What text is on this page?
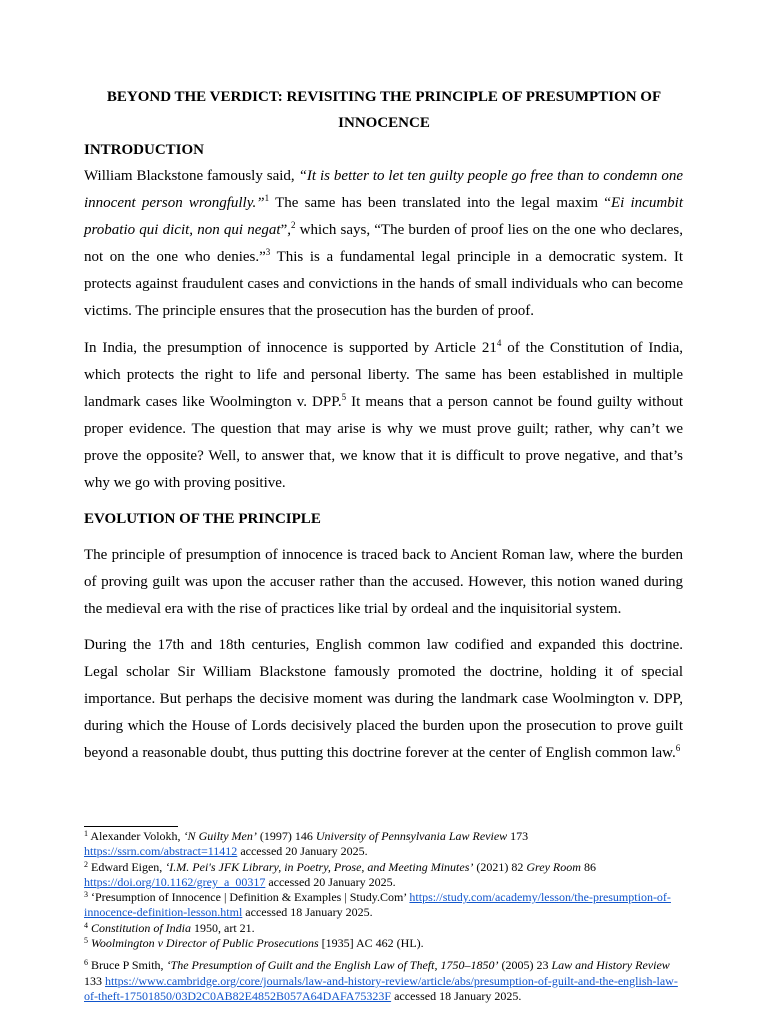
BEYOND THE VERDICT: REVISITING THE PRINCIPLE OF PRESUMPTION OF INNOCENCE
INTRODUCTION

William Blackstone famously said, “It is better to let ten guilty people go free than to condemn one innocent person wrongfully.”$^1$ The same has been translated into the legal maxim “Ei incumbit probatio qui dicit, non qui negat”,$^2$ which says, “The burden of proof lies on the one who declares, not on the one who denies.”$^3$ This is a fundamental legal principle in a democratic system. It protects against fraudulent cases and convictions in the hands of small individuals who can become victims. The principle ensures that the prosecution has the burden of proof.

In India, the presumption of innocence is supported by Article $21^4$ of the Constitution of India, which protects the right to life and personal liberty. The same has been established in multiple landmark cases like Woolmington v. DPP.$^5$ It means that a person cannot be found guilty without proper evidence. The question that may arise is why we must prove guilt; rather, why can’t we prove the opposite? Well, to answer that, we know that it is difficult to prove negative, and that’s why we go with proving positive.

EVOLUTION OF THE PRINCIPLE

The principle of presumption of innocence is traced back to Ancient Roman law, where the burden of proving guilt was upon the accuser rather than the accused. However, this notion waned during the medieval era with the rise of practices like trial by ordeal and the inquisitorial system.

During the 17th and 18th centuries, English common law codified and expanded this doctrine. Legal scholar Sir William Blackstone famously promoted the doctrine, holding it of special importance. But perhaps the decisive moment was during the landmark case Woolmington v. DPP, during which the House of Lords decisively placed the burden upon the prosecution to prove guilt beyond a reasonable doubt, thus putting this doctrine forever at the center of English common law.$^6$

$^1$ Alexander Volokh, ‘N Guilty Men’ (1997) 146 University of Pennsylvania Law Review 173
https://ssrn.com/abstract=11412 accessed 20 January 2025.

$^2$ Edward Eigen, ‘I.M. Pei's JFK Library, in Poetry, Prose, and Meeting Minutes’ (2021) 82 Grey Room 86
https://doi.org/10.1162/grey_a_00317 accessed 20 January 2025.

$^3$ ‘Presumption of Innocence | Definition & Examples | Study.Com’ https://study.com/academy/lesson/the-presumption-of-innocence-definition-lesson.html accessed 18 January 2025.

$^4$ Constitution of India 1950, art 21.

$^5$ Woolmington v Director of Public Prosecutions [1935] AC 462 (HL).

$^6$ Bruce P Smith, ‘The Presumption of Guilt and the English Law of Theft, 1750–1850’ (2005) 23 Law and History Review 133 https://www.cambridge.org/core/journals/law-and-history-review/article/abs/presumption-of-guilt-and-the-english-law-of-theft-17501850/03D2C0AB82E4852B057A64DAFA75323F accessed 18 January 2025.
